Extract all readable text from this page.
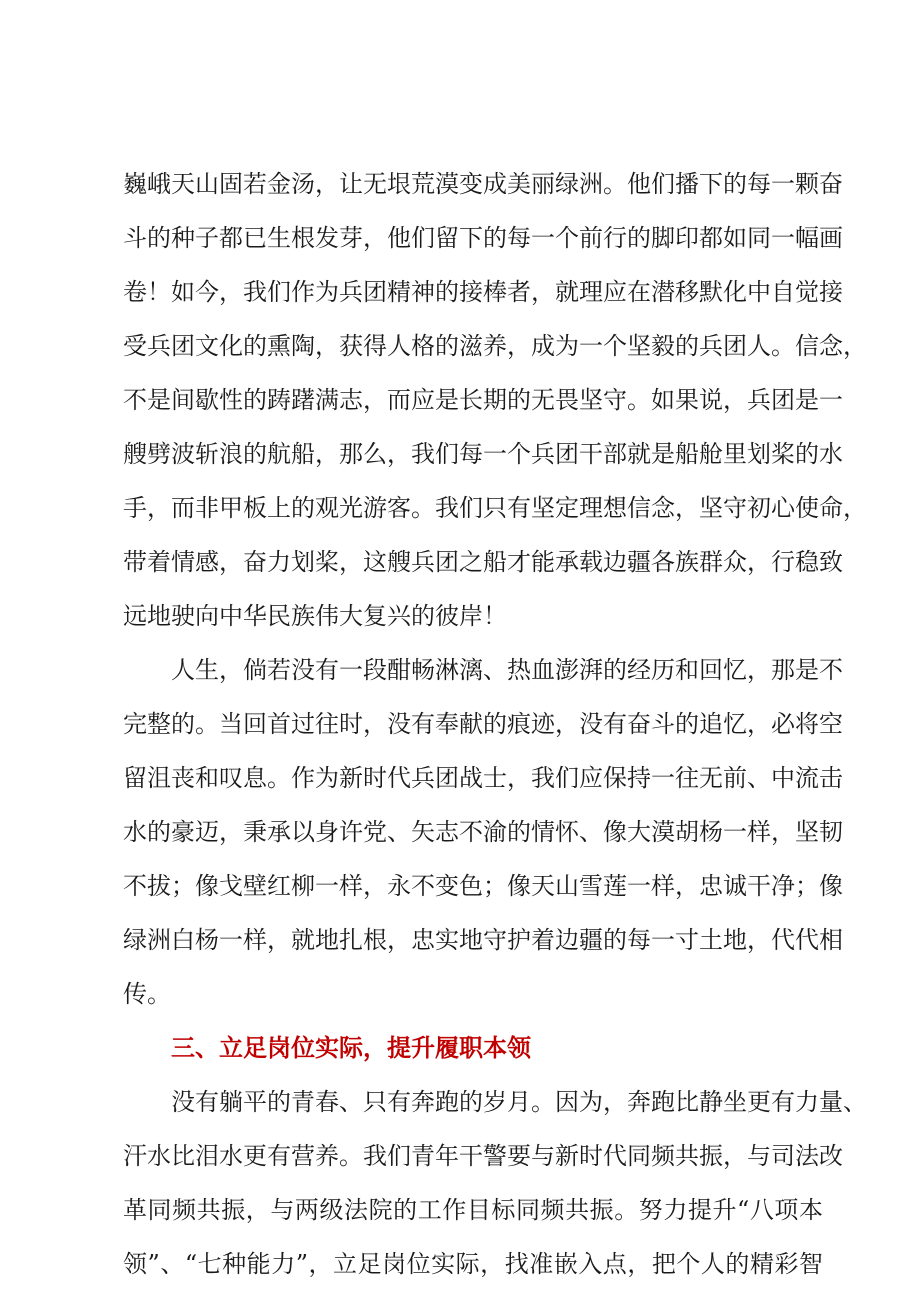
巍峨天山固若金汤，让无垠荒漠变成美丽绿洲。他们播下的每一颗奋
斗的种子都已生根发芽，他们留下的每一个前行的脚印都如同一幅画
卷！如今，我们作为兵团精神的接棒者，就理应在潜移默化中自觉接
受兵团文化的熏陶，获得人格的滋养，成为一个坚毅的兵团人。信念，
不是间歇性的踌躇满志，而应是长期的无畏坚守。如果说，兵团是一
艘劈波斩浪的航船，那么，我们每一个兵团干部就是船舱里划桨的水
手，而非甲板上的观光游客。我们只有坚定理想信念，坚守初心使命，
带着情感，奋力划桨，这艘兵团之船才能承载边疆各族群众，行稳致
远地驶向中华民族伟大复兴的彼岸！
人生，倘若没有一段酣畅淋漓、热血澎湃的经历和回忆，那是不
完整的。当回首过往时，没有奉献的痕迹，没有奋斗的追忆，必将空
留沮丧和叹息。作为新时代兵团战士，我们应保持一往无前、中流击
水的豪迈，秉承以身许党、矢志不渝的情怀、像大漠胡杨一样，坚韧
不拔；像戈壁红柳一样，永不变色；像天山雪莲一样，忠诚干净；像
绿洲白杨一样，就地扎根，忠实地守护着边疆的每一寸土地，代代相
传。
三、立足岗位实际，提升履职本领
没有躺平的青春、只有奔跑的岁月。因为，奔跑比静坐更有力量、
汗水比泪水更有营养。我们青年干警要与新时代同频共振，与司法改
革同频共振，与两级法院的工作目标同频共振。努力提升“八项本
领”、“七种能力”，立足岗位实际，找准嵌入点，把个人的精彩智
